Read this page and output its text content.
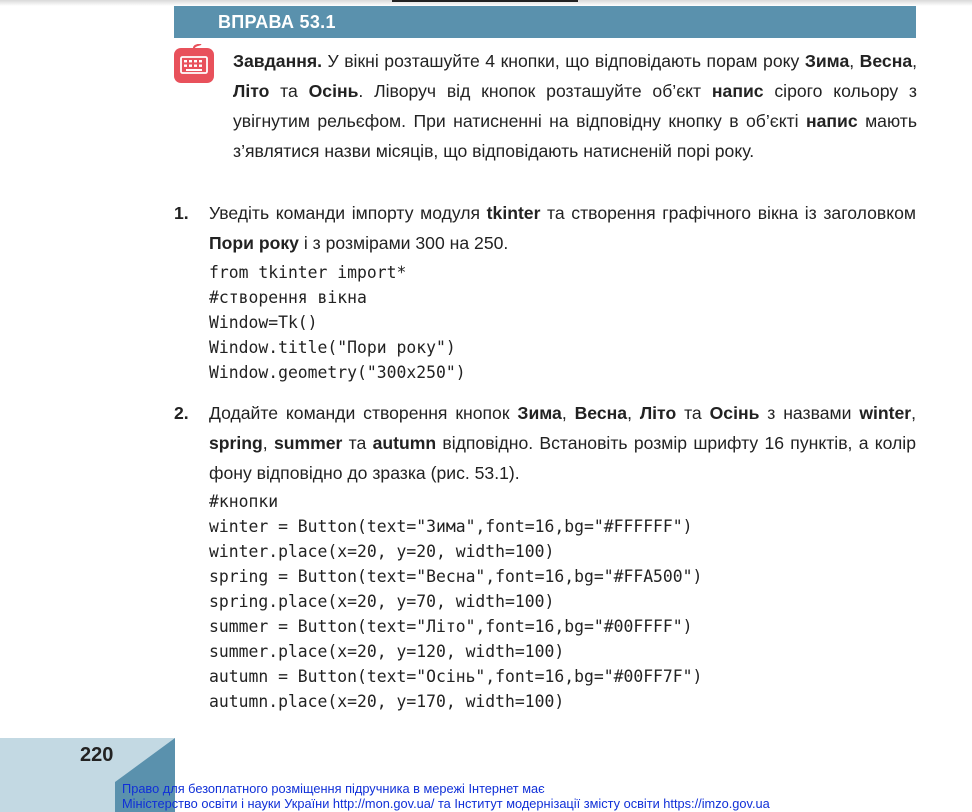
ВПРАВА 53.1
Завдання. У вікні розташуйте 4 кнопки, що відповідають порам року Зима, Весна, Літо та Осінь. Ліворуч від кнопок розташуйте об’єкт напис сірого кольору з увігнутим рельєфом. При натисненні на відповідну кнопку в об’єкті напис мають з’являтися назви місяців, що відповідають натисненій порі року.
1. Уведіть команди імпорту модуля tkinter та створення графічного вікна із заголовком Пори року і з розмірами 300 на 250.
from tkinter import*
#створення вікна
Window=Tk()
Window.title("Пори року")
Window.geometry("300x250")
2. Додайте команди створення кнопок Зима, Весна, Літо та Осінь з назвами winter, spring, summer та autumn відповідно. Встановіть розмір шрифту 16 пунктів, а колір фону відповідно до зразка (рис. 53.1).
#кнопки
winter = Button(text="Зима",font=16,bg="#FFFFFF")
winter.place(x=20, y=20, width=100)
spring = Button(text="Весна",font=16,bg="#FFA500")
spring.place(x=20, y=70, width=100)
summer = Button(text="Літо",font=16,bg="#00FFFF")
summer.place(x=20, y=120, width=100)
autumn = Button(text="Осінь",font=16,bg="#00FF7F")
autumn.place(x=20, y=170, width=100)
220
Право для безоплатного розміщення підручника в мережі Інтернет має
Міністерство освіти і науки України http://mon.gov.ua/ та Інститут модернізації змісту освіти https://imzo.gov.ua
